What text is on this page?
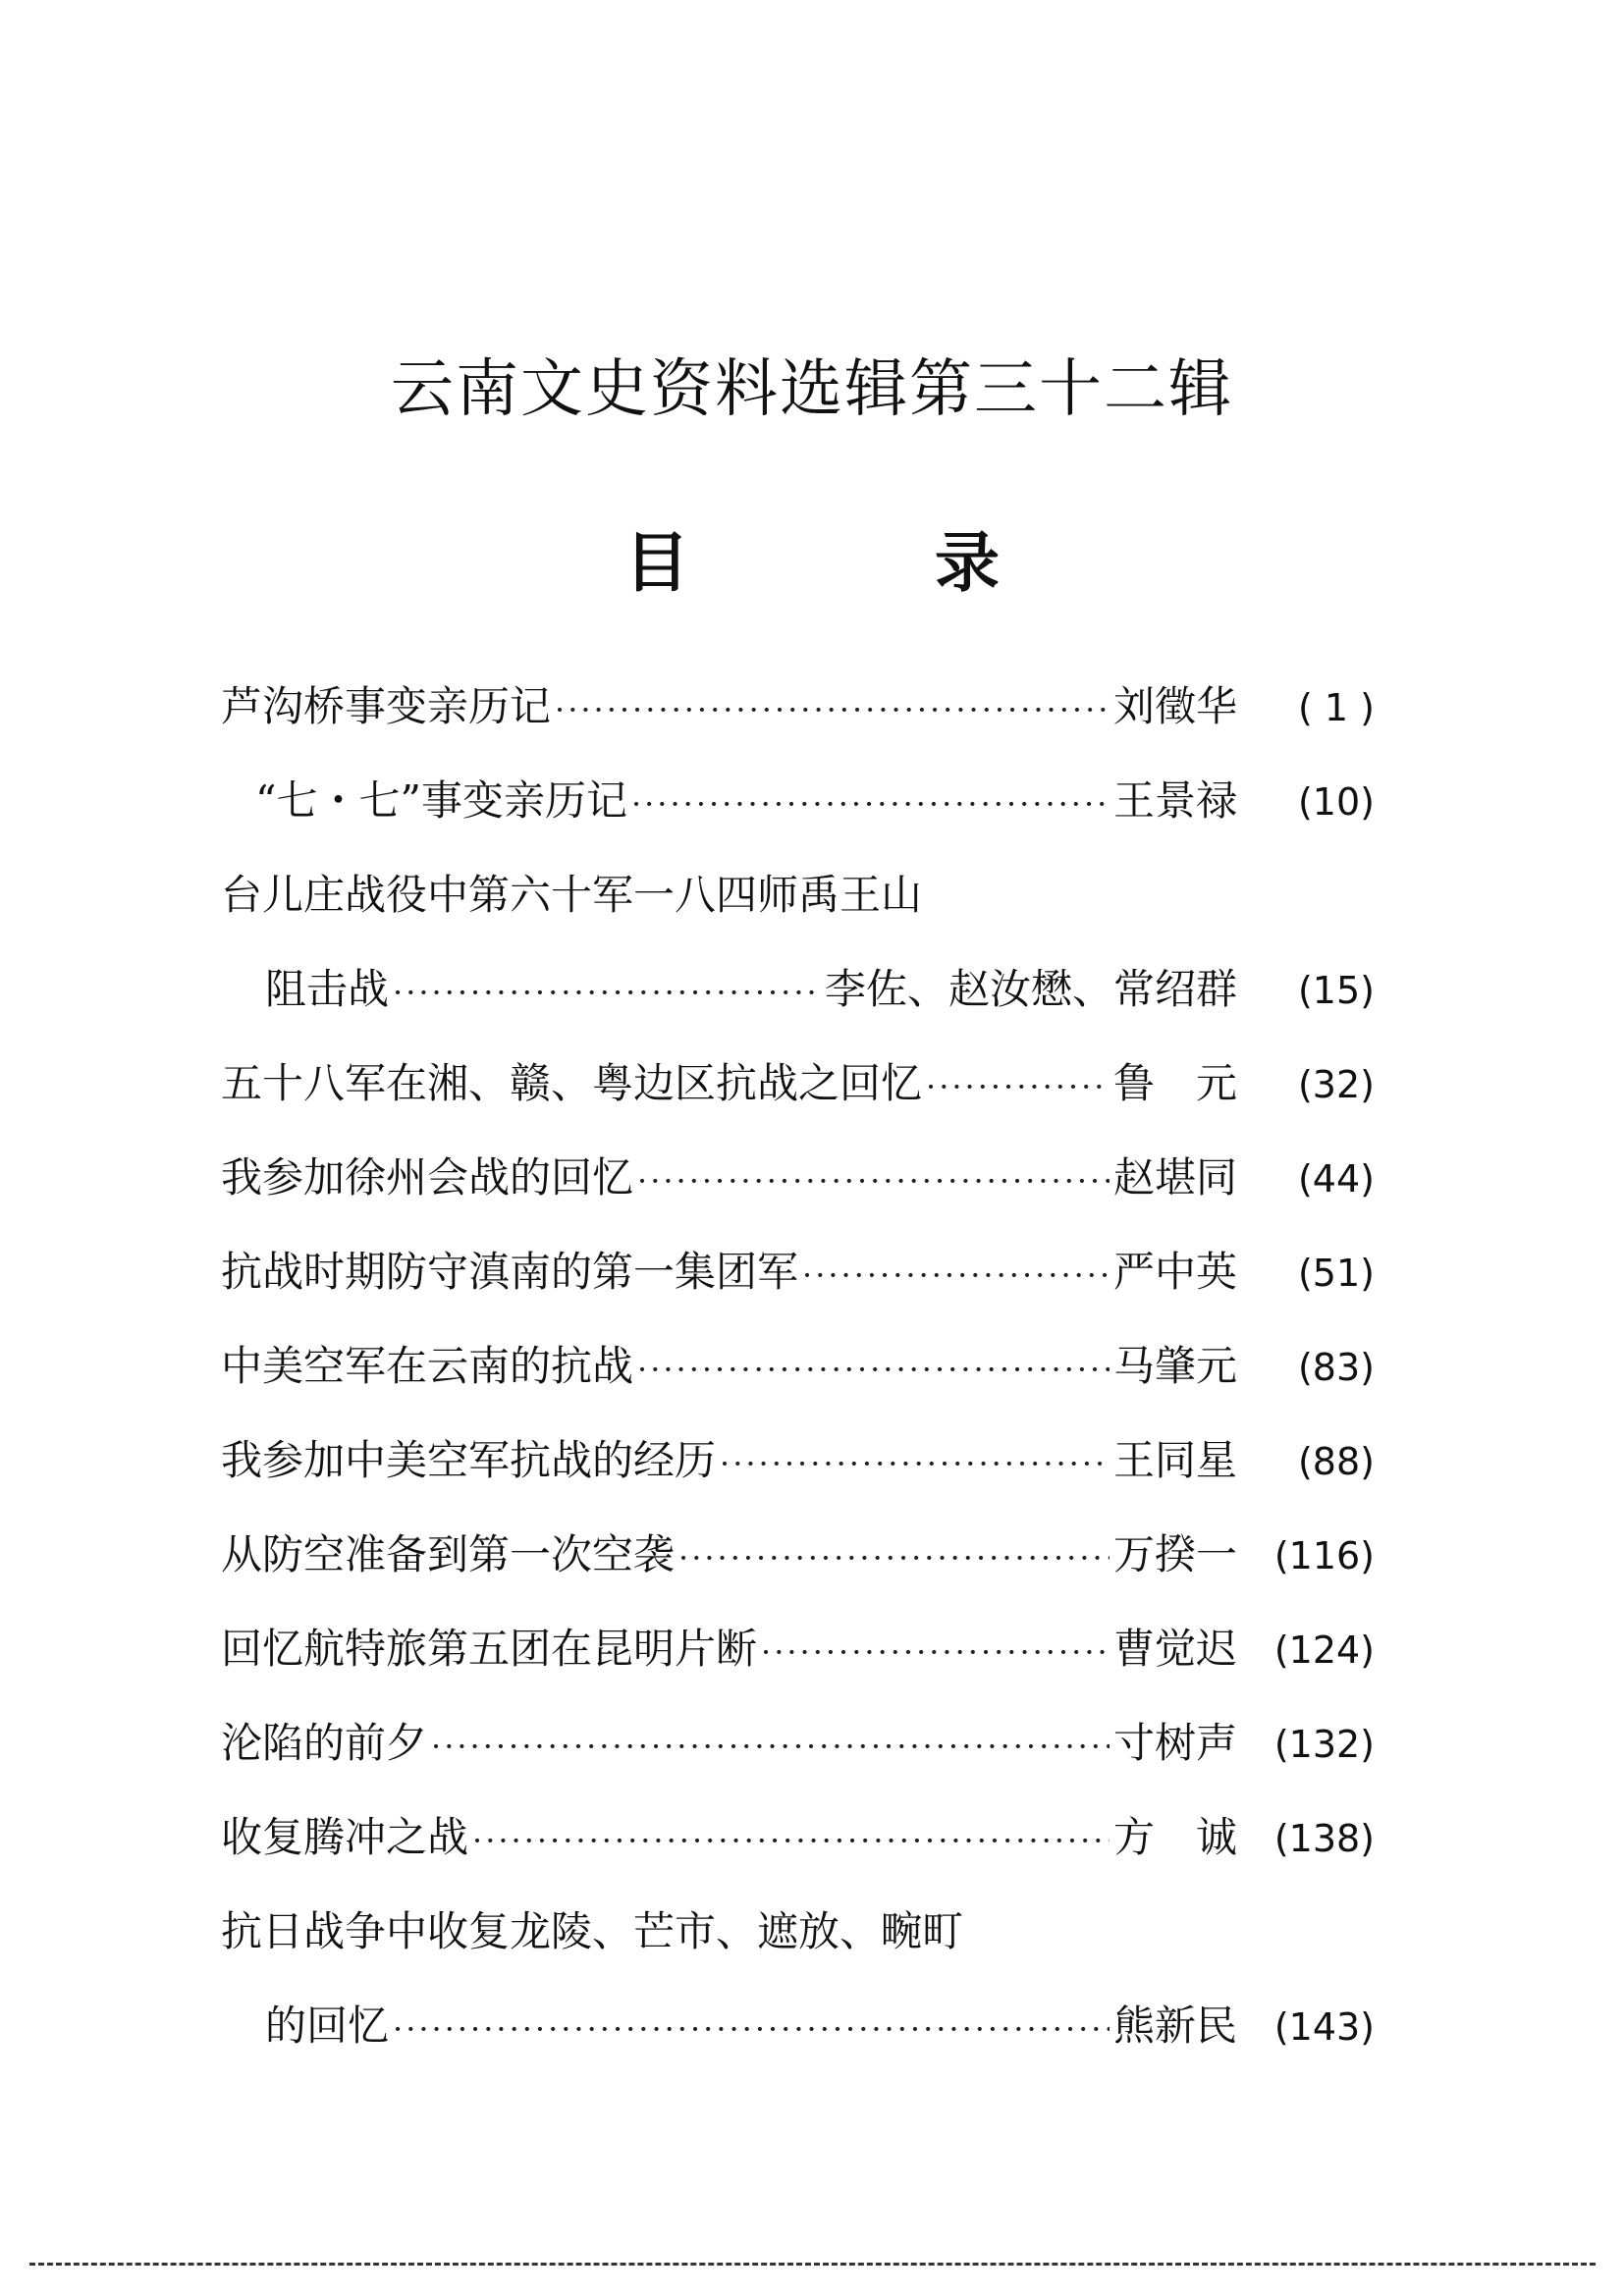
云南文史资料选辑第三十二辑
目	录
芦沟桥事变亲历记 ·····	刘徵华	( 1 )
“七・七”事变亲历记 ·····	王景禄	(10)
台儿庄战役中第六十军一八四师禹王山
阻击战 ·····	李佐、赵汝懋、常绍群	(15)
五十八军在湘、赣、粤边区抗战之回忆 ·····	鲁　元	(32)
我参加徐州会战的回忆 ·····	赵堪同	(44)
抗战时期防守滇南的第一集团军 ·····	严中英	(51)
中美空军在云南的抗战 ·····	马肇元	(83)
我参加中美空军抗战的经历 ·····	王同星	(88)
从防空准备到第一次空袭 ·····	万揆一 (116)
回忆航特旅第五团在昆明片断 ·····	曹觉迟 (124)
沦陷的前夕 ·····	寸树声 (132)
收复腾冲之战 ·····	方　诚 (138)
抗日战争中收复龙陵、芒市、遮放、畹町
的回忆 ·····	熊新民 (143)
